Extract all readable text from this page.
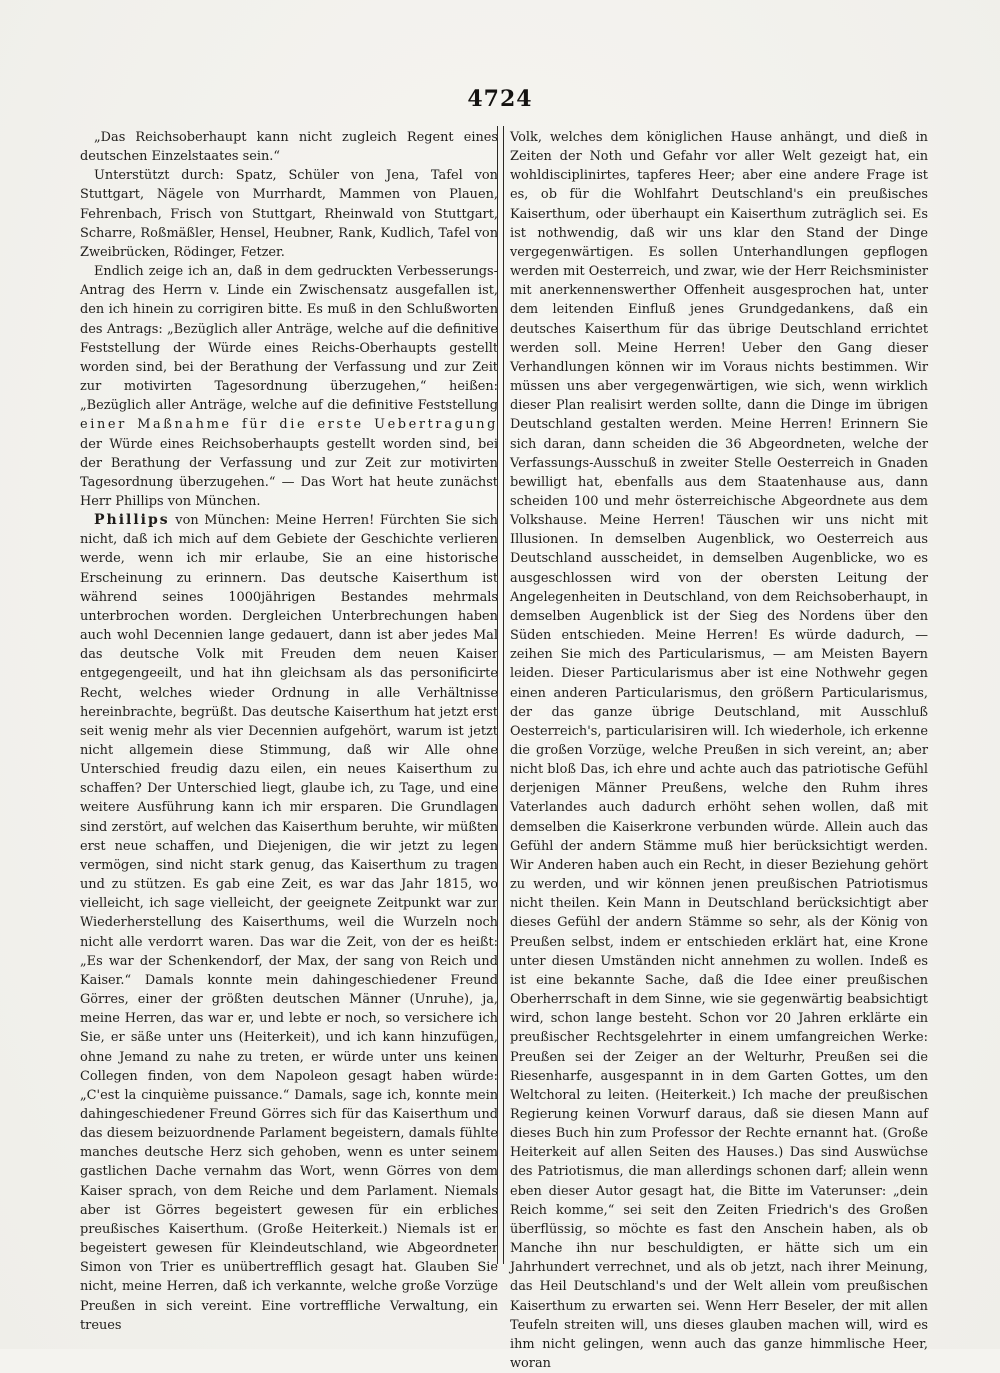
4724

„Das Reichsoberhaupt kann nicht zugleich Regent eines deutschen Einzelstaates sein.“

Unterstützt durch: Spatz, Schüler von Jena, Tafel von Stuttgart, Nägele von Murrhardt, Mammen von Plauen, Fehrenbach, Frisch von Stuttgart, Rheinwald von Stuttgart, Scharre, Roßmäßler, Hensel, Heubner, Rank, Kudlich, Tafel von Zweibrücken, Rödinger, Fetzer.

Endlich zeige ich an, daß in dem gedruckten Verbesserungs-Antrag des Herrn v. Linde ein Zwischensatz ausgefallen ist, den ich hinein zu corrigiren bitte. Es muß in den Schlußworten des Antrags: „Bezüglich aller Anträge, welche auf die definitive Feststellung der Würde eines Reichs-Oberhaupts gestellt worden sind, bei der Berathung der Verfassung und zur Zeit zur motivirten Tagesordnung überzugehen,“ heißen: „Bezüglich aller Anträge, welche auf die definitive Feststellung einer Maßnahme für die erste Uebertragung der Würde eines Reichsoberhaupts gestellt worden sind, bei der Berathung der Verfassung und zur Zeit zur motivirten Tagesordnung überzugehen.“ — Das Wort hat heute zunächst Herr Phillips von München.

Phillips von München: Meine Herren! Fürchten Sie sich nicht, daß ich mich auf dem Gebiete der Geschichte verlieren werde, wenn ich mir erlaube, Sie an eine historische Erscheinung zu erinnern. Das deutsche Kaiserthum ist während seines 1000jährigen Bestandes mehrmals unterbrochen worden. Dergleichen Unterbrechungen haben auch wohl Decennien lange gedauert, dann ist aber jedes Mal das deutsche Volk mit Freuden dem neuen Kaiser entgegengeeilt, und hat ihn gleichsam als das personificirte Recht, welches wieder Ordnung in alle Verhältnisse hereinbrachte, begrüßt. Das deutsche Kaiserthum hat jetzt erst seit wenig mehr als vier Decennien aufgehört, warum ist jetzt nicht allgemein diese Stimmung, daß wir Alle ohne Unterschied freudig dazu eilen, ein neues Kaiserthum zu schaffen? Der Unterschied liegt, glaube ich, zu Tage, und eine weitere Ausführung kann ich mir ersparen. Die Grundlagen sind zerstört, auf welchen das Kaiserthum beruhte, wir müßten erst neue schaffen, und Diejenigen, die wir jetzt zu legen vermögen, sind nicht stark genug, das Kaiserthum zu tragen und zu stützen. Es gab eine Zeit, es war das Jahr 1815, wo vielleicht, ich sage vielleicht, der geeignete Zeitpunkt war zur Wiederherstellung des Kaiserthums, weil die Wurzeln noch nicht alle verdorrt waren. Das war die Zeit, von der es heißt: „Es war der Schenkendorf, der Max, der sang von Reich und Kaiser.“ Damals konnte mein dahingeschiedener Freund Görres, einer der größten deutschen Männer (Unruhe), ja, meine Herren, das war er, und lebte er noch, so versichere ich Sie, er säße unter uns (Heiterkeit), und ich kann hinzufügen, ohne Jemand zu nahe zu treten, er würde unter uns keinen Collegen finden, von dem Napoleon gesagt haben würde: „C'est la cinquième puissance.“ Damals, sage ich, konnte mein dahingeschiedener Freund Görres sich für das Kaiserthum und das diesem beizuordnende Parlament begeistern, damals fühlte manches deutsche Herz sich gehoben, wenn es unter seinem gastlichen Dache vernahm das Wort, wenn Görres von dem Kaiser sprach, von dem Reiche und dem Parlament. Niemals aber ist Görres begeistert gewesen für ein erbliches preußisches Kaiserthum. (Große Heiterkeit.) Niemals ist er begeistert gewesen für Kleindeutschland, wie Abgeordneter Simon von Trier es unübertrefflich gesagt hat. Glauben Sie nicht, meine Herren, daß ich verkannte, welche große Vorzüge Preußen in sich vereint. Eine vortreffliche Verwaltung, ein treues

Volk, welches dem königlichen Hause anhängt, und dieß in Zeiten der Noth und Gefahr vor aller Welt gezeigt hat, ein wohldisciplinirtes, tapferes Heer; aber eine andere Frage ist es, ob für die Wohlfahrt Deutschland's ein preußisches Kaiserthum, oder überhaupt ein Kaiserthum zuträglich sei. Es ist nothwendig, daß wir uns klar den Stand der Dinge vergegenwärtigen. Es sollen Unterhandlungen gepflogen werden mit Oesterreich, und zwar, wie der Herr Reichsminister mit anerkennenswerther Offenheit ausgesprochen hat, unter dem leitenden Einfluß jenes Grundgedankens, daß ein deutsches Kaiserthum für das übrige Deutschland errichtet werden soll. Meine Herren! Ueber den Gang dieser Verhandlungen können wir im Voraus nichts bestimmen. Wir müssen uns aber vergegenwärtigen, wie sich, wenn wirklich dieser Plan realisirt werden sollte, dann die Dinge im übrigen Deutschland gestalten werden. Meine Herren! Erinnern Sie sich daran, dann scheiden die 36 Abgeordneten, welche der Verfassungs-Ausschuß in zweiter Stelle Oesterreich in Gnaden bewilligt hat, ebenfalls aus dem Staatenhause aus, dann scheiden 100 und mehr österreichische Abgeordnete aus dem Volkshause. Meine Herren! Täuschen wir uns nicht mit Illusionen. In demselben Augenblick, wo Oesterreich aus Deutschland ausscheidet, in demselben Augenblicke, wo es ausgeschlossen wird von der obersten Leitung der Angelegenheiten in Deutschland, von dem Reichsoberhaupt, in demselben Augenblick ist der Sieg des Nordens über den Süden entschieden. Meine Herren! Es würde dadurch, — zeihen Sie mich des Particularismus, — am Meisten Bayern leiden. Dieser Particularismus aber ist eine Nothwehr gegen einen anderen Particularismus, den größern Particularismus, der das ganze übrige Deutschland, mit Ausschluß Oesterreich's, particularisiren will. Ich wiederhole, ich erkenne die großen Vorzüge, welche Preußen in sich vereint, an; aber nicht bloß Das, ich ehre und achte auch das patriotische Gefühl derjenigen Männer Preußens, welche den Ruhm ihres Vaterlandes auch dadurch erhöht sehen wollen, daß mit demselben die Kaiserkrone verbunden würde. Allein auch das Gefühl der andern Stämme muß hier berücksichtigt werden. Wir Anderen haben auch ein Recht, in dieser Beziehung gehört zu werden, und wir können jenen preußischen Patriotismus nicht theilen. Kein Mann in Deutschland berücksichtigt aber dieses Gefühl der andern Stämme so sehr, als der König von Preußen selbst, indem er entschieden erklärt hat, eine Krone unter diesen Umständen nicht annehmen zu wollen. Indeß es ist eine bekannte Sache, daß die Idee einer preußischen Oberherrschaft in dem Sinne, wie sie gegenwärtig beabsichtigt wird, schon lange besteht. Schon vor 20 Jahren erklärte ein preußischer Rechtsgelehrter in einem umfangreichen Werke: Preußen sei der Zeiger an der Welturhr, Preußen sei die Riesenharfe, ausgespannt in in dem Garten Gottes, um den Weltchoral zu leiten. (Heiterkeit.) Ich mache der preußischen Regierung keinen Vorwurf daraus, daß sie diesen Mann auf dieses Buch hin zum Professor der Rechte ernannt hat. (Große Heiterkeit auf allen Seiten des Hauses.) Das sind Auswüchse des Patriotismus, die man allerdings schonen darf; allein wenn eben dieser Autor gesagt hat, die Bitte im Vaterunser: „dein Reich komme,“ sei seit den Zeiten Friedrich's des Großen überflüssig, so möchte es fast den Anschein haben, als ob Manche ihn nur beschuldigten, er hätte sich um ein Jahrhundert verrechnet, und als ob jetzt, nach ihrer Meinung, das Heil Deutschland's und der Welt allein vom preußischen Kaiserthum zu erwarten sei. Wenn Herr Beseler, der mit allen Teufeln streiten will, uns dieses glauben machen will, wird es ihm nicht gelingen, wenn auch das ganze himmlische Heer, woran
